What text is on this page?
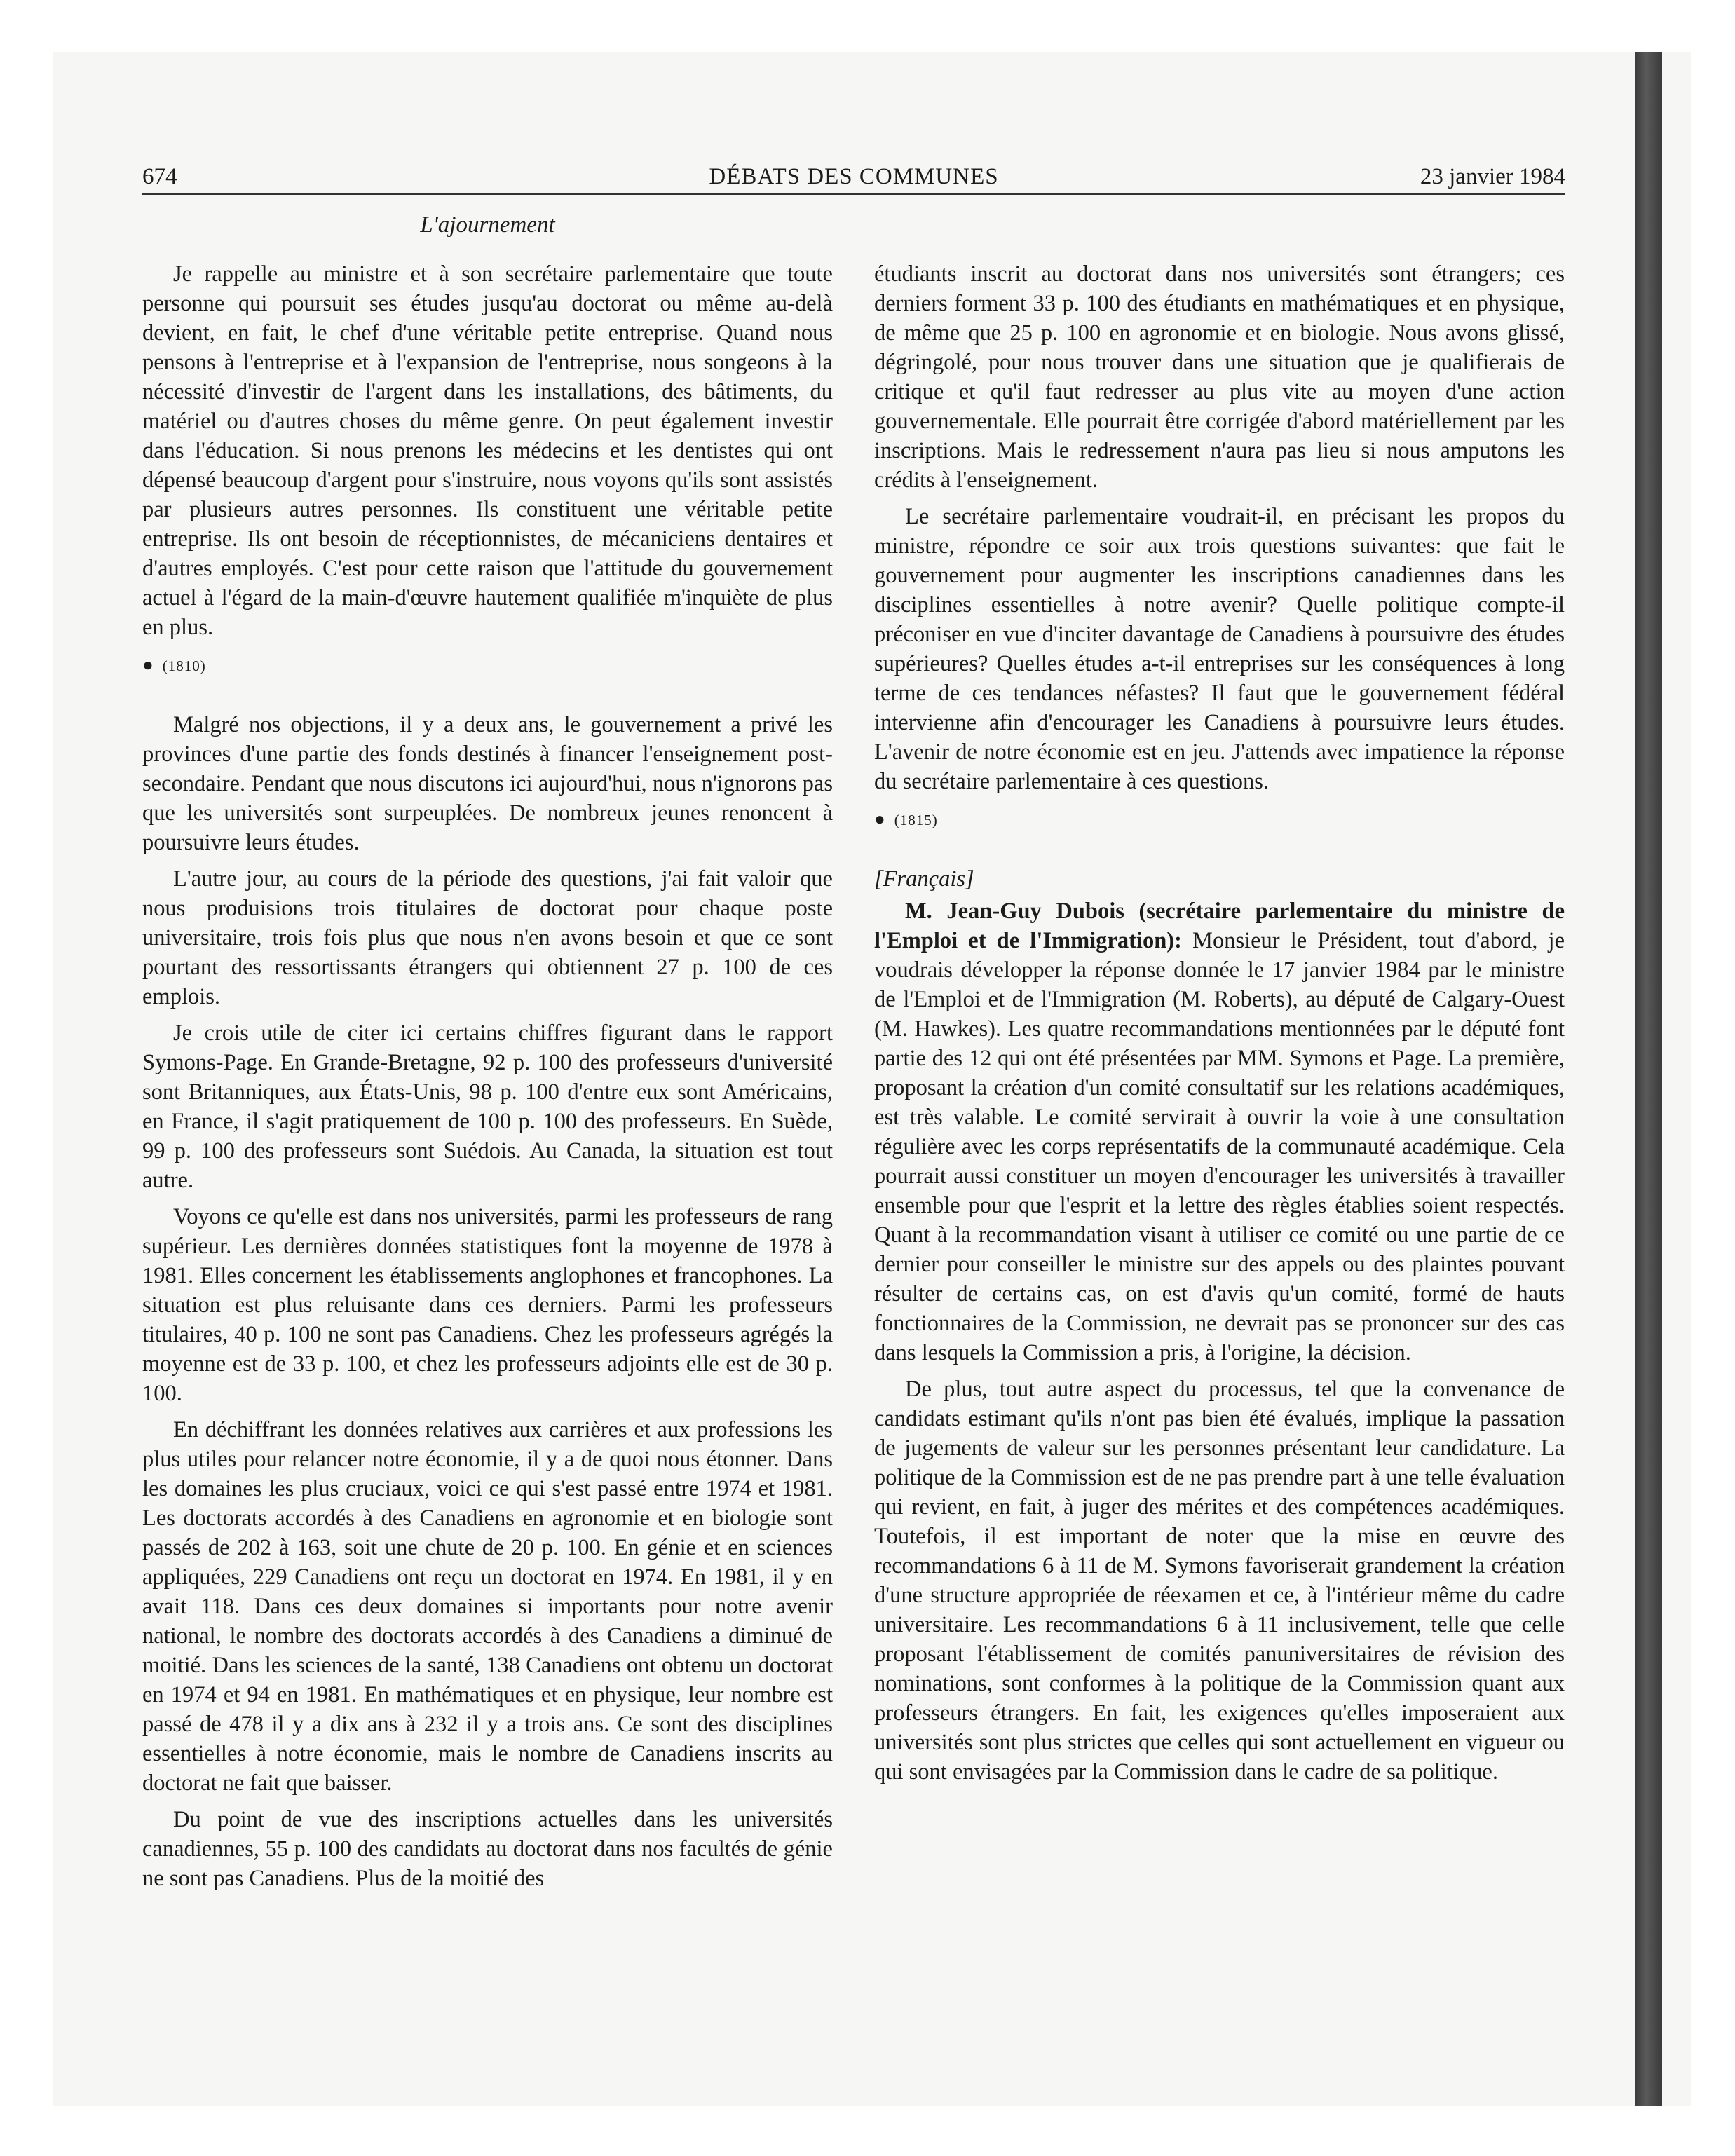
674	DÉBATS DES COMMUNES	23 janvier 1984
L'ajournement

Je rappelle au ministre et à son secrétaire parlementaire que toute personne qui poursuit ses études jusqu'au doctorat ou même au-delà devient, en fait, le chef d'une véritable petite entreprise. Quand nous pensons à l'entreprise et à l'expansion de l'entreprise, nous songeons à la nécessité d'investir de l'argent dans les installations, des bâtiments, du matériel ou d'autres choses du même genre. On peut également investir dans l'éducation. Si nous prenons les médecins et les dentistes qui ont dépensé beaucoup d'argent pour s'instruire, nous voyons qu'ils sont assistés par plusieurs autres personnes. Ils constituent une véritable petite entreprise. Ils ont besoin de réceptionnistes, de mécaniciens dentaires et d'autres employés. C'est pour cette raison que l'attitude du gouvernement actuel à l'égard de la main-d'œuvre hautement qualifiée m'inquiète de plus en plus.

● (1810)

Malgré nos objections, il y a deux ans, le gouvernement a privé les provinces d'une partie des fonds destinés à financer l'enseignement post-secondaire. Pendant que nous discutons ici aujourd'hui, nous n'ignorons pas que les universités sont surpeuplées. De nombreux jeunes renoncent à poursuivre leurs études.

L'autre jour, au cours de la période des questions, j'ai fait valoir que nous produisions trois titulaires de doctorat pour chaque poste universitaire, trois fois plus que nous n'en avons besoin et que ce sont pourtant des ressortissants étrangers qui obtiennent 27 p. 100 de ces emplois.

Je crois utile de citer ici certains chiffres figurant dans le rapport Symons-Page. En Grande-Bretagne, 92 p. 100 des professeurs d'université sont Britanniques, aux États-Unis, 98 p. 100 d'entre eux sont Américains, en France, il s'agit pratiquement de 100 p. 100 des professeurs. En Suède, 99 p. 100 des professeurs sont Suédois. Au Canada, la situation est tout autre.

Voyons ce qu'elle est dans nos universités, parmi les professeurs de rang supérieur. Les dernières données statistiques font la moyenne de 1978 à 1981. Elles concernent les établissements anglophones et francophones. La situation est plus reluisante dans ces derniers. Parmi les professeurs titulaires, 40 p. 100 ne sont pas Canadiens. Chez les professeurs agrégés la moyenne est de 33 p. 100, et chez les professeurs adjoints elle est de 30 p. 100.

En déchiffrant les données relatives aux carrières et aux professions les plus utiles pour relancer notre économie, il y a de quoi nous étonner. Dans les domaines les plus cruciaux, voici ce qui s'est passé entre 1974 et 1981. Les doctorats accordés à des Canadiens en agronomie et en biologie sont passés de 202 à 163, soit une chute de 20 p. 100. En génie et en sciences appliquées, 229 Canadiens ont reçu un doctorat en 1974. En 1981, il y en avait 118. Dans ces deux domaines si importants pour notre avenir national, le nombre des doctorats accordés à des Canadiens a diminué de moitié. Dans les sciences de la santé, 138 Canadiens ont obtenu un doctorat en 1974 et 94 en 1981. En mathématiques et en physique, leur nombre est passé de 478 il y a dix ans à 232 il y a trois ans. Ce sont des disciplines essentielles à notre économie, mais le nombre de Canadiens inscrits au doctorat ne fait que baisser.

Du point de vue des inscriptions actuelles dans les universités canadiennes, 55 p. 100 des candidats au doctorat dans nos facultés de génie ne sont pas Canadiens. Plus de la moitié des

étudiants inscrit au doctorat dans nos universités sont étrangers; ces derniers forment 33 p. 100 des étudiants en mathématiques et en physique, de même que 25 p. 100 en agronomie et en biologie. Nous avons glissé, dégringolé, pour nous trouver dans une situation que je qualifierais de critique et qu'il faut redresser au plus vite au moyen d'une action gouvernementale. Elle pourrait être corrigée d'abord matériellement par les inscriptions. Mais le redressement n'aura pas lieu si nous amputons les crédits à l'enseignement.

Le secrétaire parlementaire voudrait-il, en précisant les propos du ministre, répondre ce soir aux trois questions suivantes: que fait le gouvernement pour augmenter les inscriptions canadiennes dans les disciplines essentielles à notre avenir? Quelle politique compte-il préconiser en vue d'inciter davantage de Canadiens à poursuivre des études supérieures? Quelles études a-t-il entreprises sur les conséquences à long terme de ces tendances néfastes? Il faut que le gouvernement fédéral intervienne afin d'encourager les Canadiens à poursuivre leurs études. L'avenir de notre économie est en jeu. J'attends avec impatience la réponse du secrétaire parlementaire à ces questions.

● (1815)
[Français]

M. Jean-Guy Dubois (secrétaire parlementaire du ministre de l'Emploi et de l'Immigration): Monsieur le Président, tout d'abord, je voudrais développer la réponse donnée le 17 janvier 1984 par le ministre de l'Emploi et de l'Immigration (M. Roberts), au député de Calgary-Ouest (M. Hawkes). Les quatre recommandations mentionnées par le député font partie des 12 qui ont été présentées par MM. Symons et Page. La première, proposant la création d'un comité consultatif sur les relations académiques, est très valable. Le comité servirait à ouvrir la voie à une consultation régulière avec les corps représentatifs de la communauté académique. Cela pourrait aussi constituer un moyen d'encourager les universités à travailler ensemble pour que l'esprit et la lettre des règles établies soient respectés. Quant à la recommandation visant à utiliser ce comité ou une partie de ce dernier pour conseiller le ministre sur des appels ou des plaintes pouvant résulter de certains cas, on est d'avis qu'un comité, formé de hauts fonctionnaires de la Commission, ne devrait pas se prononcer sur des cas dans lesquels la Commission a pris, à l'origine, la décision.

De plus, tout autre aspect du processus, tel que la convenance de candidats estimant qu'ils n'ont pas bien été évalués, implique la passation de jugements de valeur sur les personnes présentant leur candidature. La politique de la Commission est de ne pas prendre part à une telle évaluation qui revient, en fait, à juger des mérites et des compétences académiques. Toutefois, il est important de noter que la mise en œuvre des recommandations 6 à 11 de M. Symons favoriserait grandement la création d'une structure appropriée de réexamen et ce, à l'intérieur même du cadre universitaire. Les recommandations 6 à 11 inclusivement, telle que celle proposant l'établissement de comités panuniversitaires de révision des nominations, sont conformes à la politique de la Commission quant aux professeurs étrangers. En fait, les exigences qu'elles imposeraient aux universités sont plus strictes que celles qui sont actuellement en vigueur ou qui sont envisagées par la Commission dans le cadre de sa politique.
